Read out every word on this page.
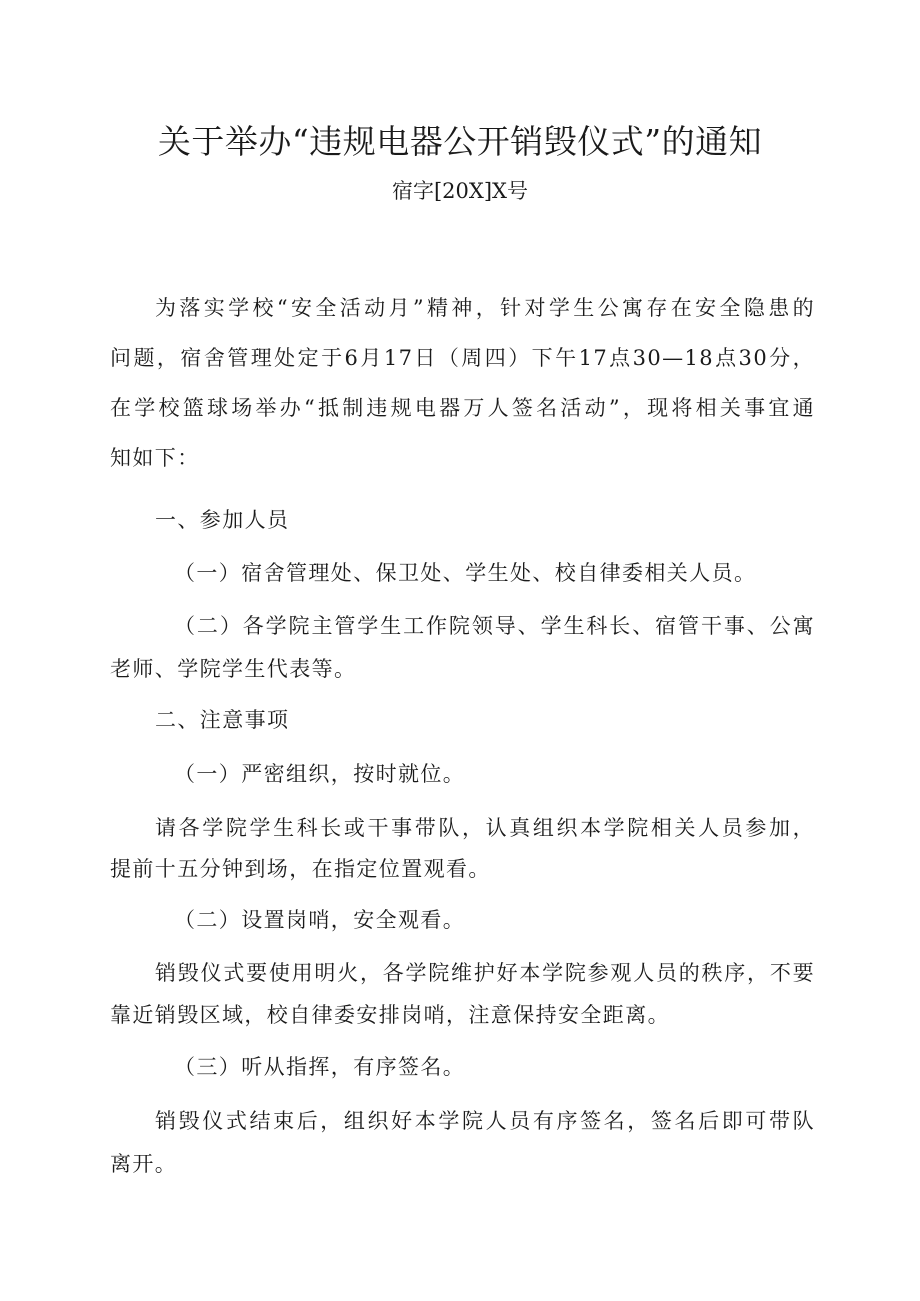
关于举办“违规电器公开销毁仪式”的通知

宿字[20X]X号

为落实学校“安全活动月”精神，针对学生公寓存在安全隐患的

问题，宿舍管理处定于6月17日（周四）下午17点30—18点30分，

在学校篮球场举办“抵制违规电器万人签名活动”，现将相关事宜通

知如下：

一、参加人员

（一）宿舍管理处、保卫处、学生处、校自律委相关人员。

（二）各学院主管学生工作院领导、学生科长、宿管干事、公寓

老师、学院学生代表等。

二、注意事项

（一）严密组织，按时就位。

请各学院学生科长或干事带队，认真组织本学院相关人员参加，

提前十五分钟到场，在指定位置观看。

（二）设置岗哨，安全观看。

销毁仪式要使用明火，各学院维护好本学院参观人员的秩序，不要

靠近销毁区域，校自律委安排岗哨，注意保持安全距离。

（三）听从指挥，有序签名。

销毁仪式结束后，组织好本学院人员有序签名，签名后即可带队

离开。
